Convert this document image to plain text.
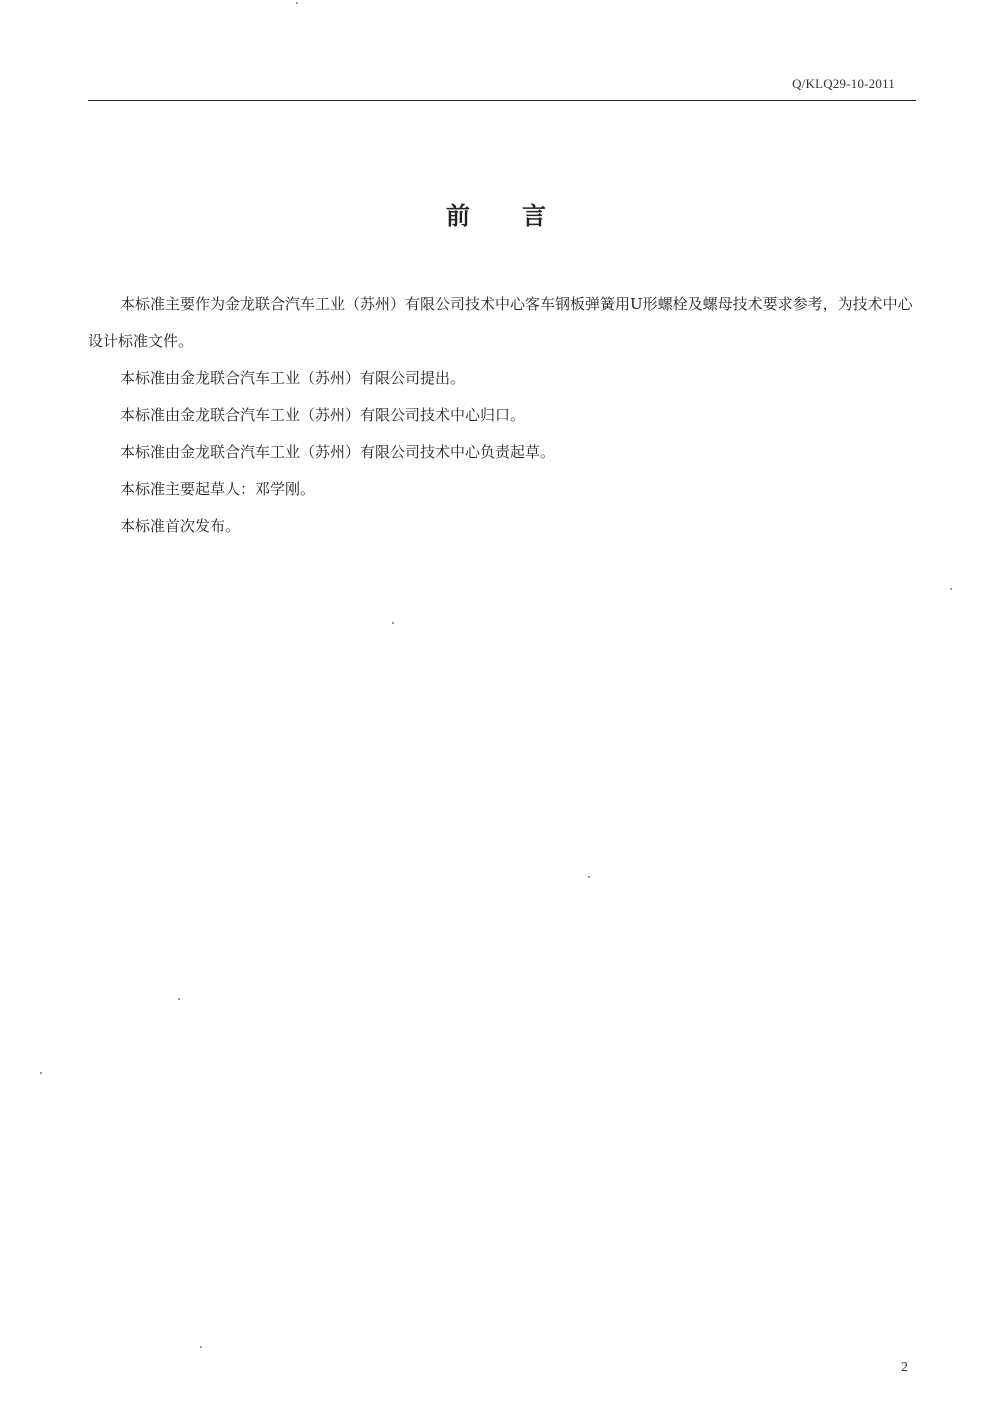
Q/KLQ29-10-2011
前言

本标准主要作为金龙联合汽车工业（苏州）有限公司技术中心客车钢板弹簧用U形螺栓及螺母技术要求参考，为技术中心设计标准文件。

本标准由金龙联合汽车工业（苏州）有限公司提出。

本标准由金龙联合汽车工业（苏州）有限公司技术中心归口。

本标准由金龙联合汽车工业（苏州）有限公司技术中心负责起草。

本标准主要起草人：邓学刚。

本标准首次发布。

2
